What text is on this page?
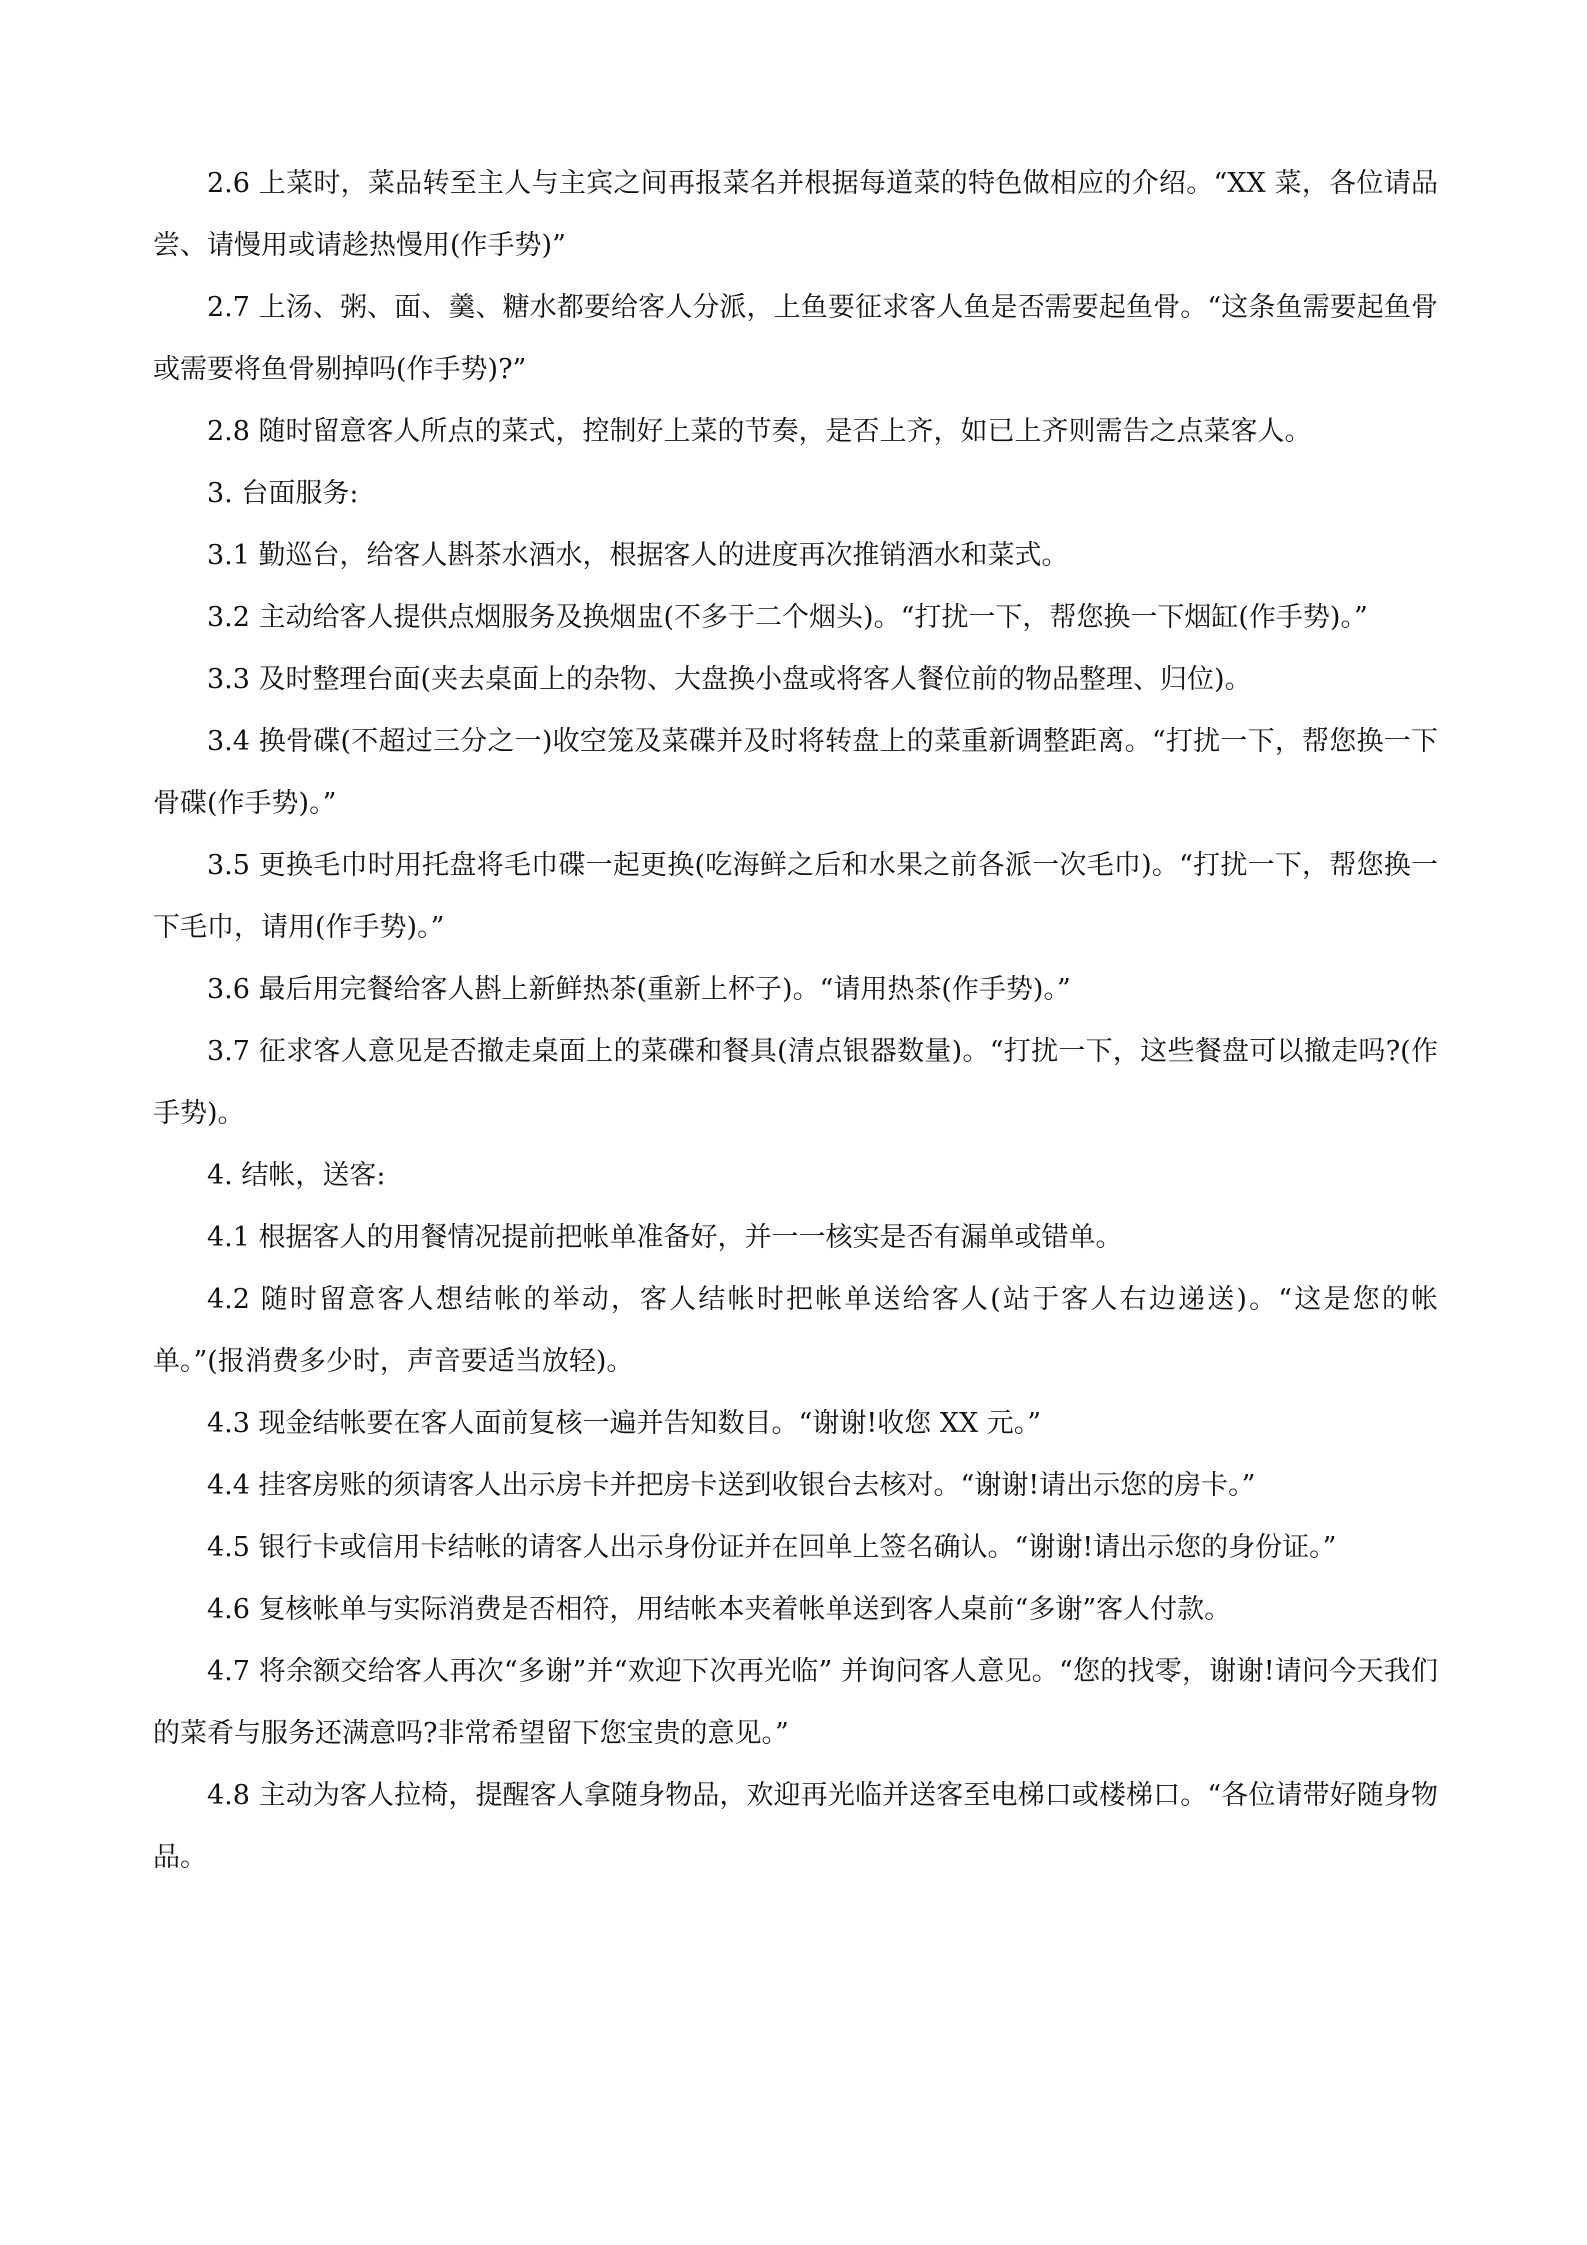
2.6 上菜时，菜品转至主人与主宾之间再报菜名并根据每道菜的特色做相应的介绍。“XX 菜，各位请品尝、请慢用或请趁热慢用(作手势)”

2.7 上汤、粥、面、羹、糖水都要给客人分派，上鱼要征求客人鱼是否需要起鱼骨。“这条鱼需要起鱼骨或需要将鱼骨剔掉吗(作手势)?”

2.8 随时留意客人所点的菜式，控制好上菜的节奏，是否上齐，如已上齐则需告之点菜客人。

3. 台面服务:

3.1 勤巡台，给客人斟茶水酒水，根据客人的进度再次推销酒水和菜式。

3.2 主动给客人提供点烟服务及换烟盅(不多于二个烟头)。“打扰一下，帮您换一下烟缸(作手势)。”

3.3 及时整理台面(夹去桌面上的杂物、大盘换小盘或将客人餐位前的物品整理、归位)。

3.4 换骨碟(不超过三分之一)收空笼及菜碟并及时将转盘上的菜重新调整距离。“打扰一下，帮您换一下骨碟(作手势)。”

3.5 更换毛巾时用托盘将毛巾碟一起更换(吃海鲜之后和水果之前各派一次毛巾)。“打扰一下，帮您换一下毛巾，请用(作手势)。”

3.6 最后用完餐给客人斟上新鲜热茶(重新上杯子)。“请用热茶(作手势)。”

3.7 征求客人意见是否撤走桌面上的菜碟和餐具(清点银器数量)。“打扰一下，这些餐盘可以撤走吗?(作手势)。

4. 结帐，送客:

4.1 根据客人的用餐情况提前把帐单准备好，并一一核实是否有漏单或错单。

4.2 随时留意客人想结帐的举动，客人结帐时把帐单送给客人(站于客人右边递送)。“这是您的帐单。”(报消费多少时，声音要适当放轻)。

4.3 现金结帐要在客人面前复核一遍并告知数目。“谢谢!收您 XX 元。”

4.4 挂客房账的须请客人出示房卡并把房卡送到收银台去核对。“谢谢!请出示您的房卡。”

4.5 银行卡或信用卡结帐的请客人出示身份证并在回单上签名确认。“谢谢!请出示您的身份证。”

4.6 复核帐单与实际消费是否相符，用结帐本夹着帐单送到客人桌前“多谢”客人付款。

4.7 将余额交给客人再次“多谢”并“欢迎下次再光临” 并询问客人意见。“您的找零，谢谢!请问今天我们的菜肴与服务还满意吗?非常希望留下您宝贵的意见。”

4.8 主动为客人拉椅，提醒客人拿随身物品，欢迎再光临并送客至电梯口或楼梯口。“各位请带好随身物品。
